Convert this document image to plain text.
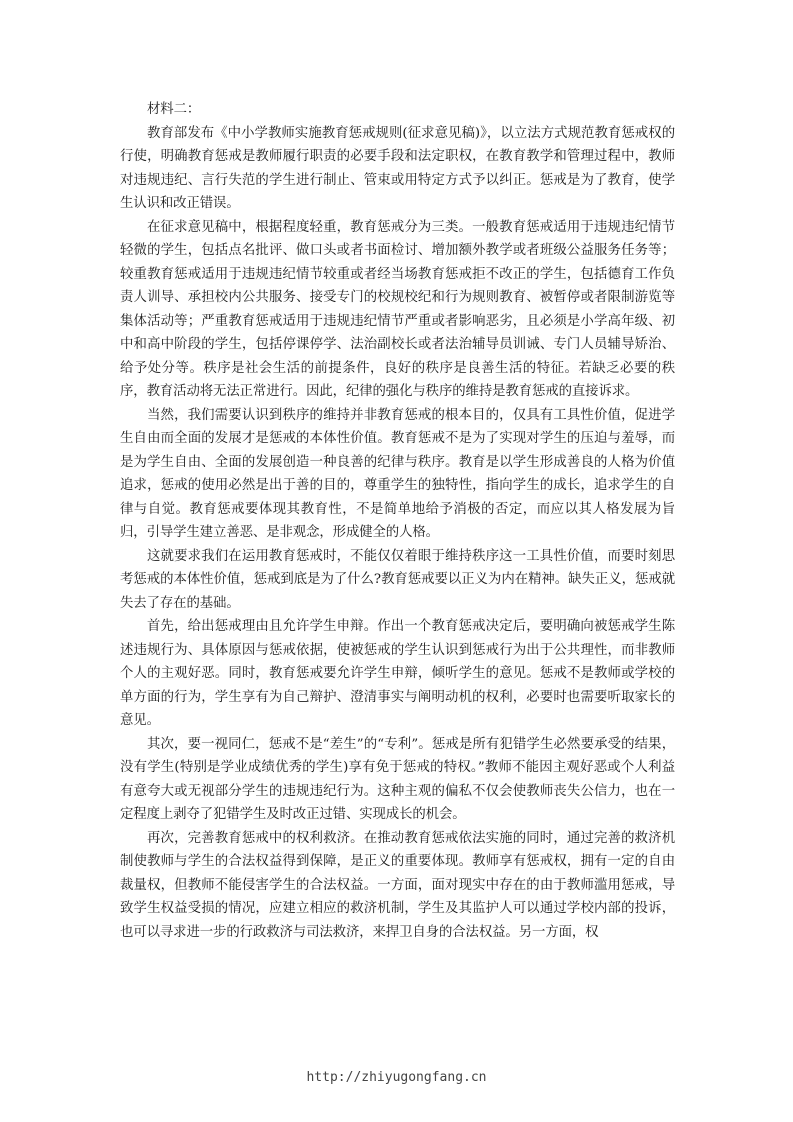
材料二：

教育部发布《中小学教师实施教育惩戒规则(征求意见稿)》，以立法方式规范教育惩戒权的行使，明确教育惩戒是教师履行职责的必要手段和法定职权，在教育教学和管理过程中，教师对违规违纪、言行失范的学生进行制止、管束或用特定方式予以纠正。惩戒是为了教育，使学生认识和改正错误。

在征求意见稿中，根据程度轻重，教育惩戒分为三类。一般教育惩戒适用于违规违纪情节轻微的学生，包括点名批评、做口头或者书面检讨、增加额外教学或者班级公益服务任务等；较重教育惩戒适用于违规违纪情节较重或者经当场教育惩戒拒不改正的学生，包括德育工作负责人训导、承担校内公共服务、接受专门的校规校纪和行为规则教育、被暂停或者限制游览等集体活动等；严重教育惩戒适用于违规违纪情节严重或者影响恶劣，且必须是小学高年级、初中和高中阶段的学生，包括停课停学、法治副校长或者法治辅导员训诫、专门人员辅导矫治、给予处分等。秩序是社会生活的前提条件，良好的秩序是良善生活的特征。若缺乏必要的秩序，教育活动将无法正常进行。因此，纪律的强化与秩序的维持是教育惩戒的直接诉求。

当然，我们需要认识到秩序的维持并非教育惩戒的根本目的，仅具有工具性价值，促进学生自由而全面的发展才是惩戒的本体性价值。教育惩戒不是为了实现对学生的压迫与羞辱，而是为学生自由、全面的发展创造一种良善的纪律与秩序。教育是以学生形成善良的人格为价值追求，惩戒的使用必然是出于善的目的，尊重学生的独特性，指向学生的成长，追求学生的自律与自觉。教育惩戒要体现其教育性，不是简单地给予消极的否定，而应以其人格发展为旨归，引导学生建立善恶、是非观念，形成健全的人格。

这就要求我们在运用教育惩戒时，不能仅仅着眼于维持秩序这一工具性价值，而要时刻思考惩戒的本体性价值，惩戒到底是为了什么?教育惩戒要以正义为内在精神。缺失正义，惩戒就失去了存在的基础。

首先，给出惩戒理由且允许学生申辩。作出一个教育惩戒决定后，要明确向被惩戒学生陈述违规行为、具体原因与惩戒依据，使被惩戒的学生认识到惩戒行为出于公共理性，而非教师个人的主观好恶。同时，教育惩戒要允许学生申辩，倾听学生的意见。惩戒不是教师或学校的单方面的行为，学生享有为自己辩护、澄清事实与阐明动机的权利，必要时也需要听取家长的意见。

其次，要一视同仁，惩戒不是“差生”的“专利”。惩戒是所有犯错学生必然要承受的结果，没有学生(特别是学业成绩优秀的学生)享有免于惩戒的特权。”教师不能因主观好恶或个人利益有意夸大或无视部分学生的违规违纪行为。这种主观的偏私不仅会使教师丧失公信力，也在一定程度上剥夺了犯错学生及时改正过错、实现成长的机会。

再次，完善教育惩戒中的权利救济。在推动教育惩戒依法实施的同时，通过完善的救济机制使教师与学生的合法权益得到保障，是正义的重要体现。教师享有惩戒权，拥有一定的自由裁量权，但教师不能侵害学生的合法权益。一方面，面对现实中存在的由于教师滥用惩戒，导致学生权益受损的情况，应建立相应的救济机制，学生及其监护人可以通过学校内部的投诉，也可以寻求进一步的行政救济与司法救济，来捍卫自身的合法权益。另一方面，权

http://zhiyugongfang.cn
